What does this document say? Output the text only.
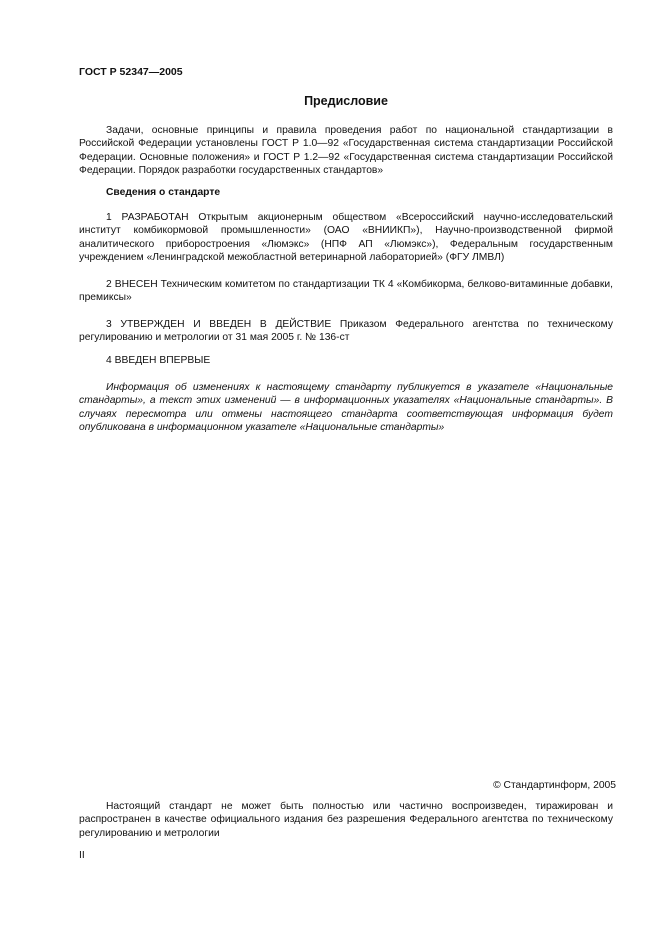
ГОСТ Р 52347—2005
Предисловие
Задачи, основные принципы и правила проведения работ по национальной стандартизации в Российской Федерации установлены ГОСТ Р 1.0—92 «Государственная система стандартизации Российской Федерации. Основные положения» и ГОСТ Р 1.2—92 «Государственная система стандартизации Российской Федерации. Порядок разработки государственных стандартов»
Сведения о стандарте
1 РАЗРАБОТАН Открытым акционерным обществом «Всероссийский научно-исследовательский институт комбикормовой промышленности» (ОАО «ВНИИКП»), Научно-производственной фирмой аналитического приборостроения «Люмэкс» (НПФ АП «Люмэкс»), Федеральным государственным учреждением «Ленинградской межобластной ветеринарной лабораторией» (ФГУ ЛМВЛ)
2 ВНЕСЕН Техническим комитетом по стандартизации ТК 4 «Комбикорма, белково-витаминные добавки, премиксы»
3 УТВЕРЖДЕН И ВВЕДЕН В ДЕЙСТВИЕ Приказом Федерального агентства по техническому регулированию и метрологии от 31 мая 2005 г. № 136-ст
4 ВВЕДЕН ВПЕРВЫЕ
Информация об изменениях к настоящему стандарту публикуется в указателе «Национальные стандарты», а текст этих изменений — в информационных указателях «Национальные стандарты». В случаях пересмотра или отмены настоящего стандарта соответствующая информация будет опубликована в информационном указателе «Национальные стандарты»
© Стандартинформ, 2005
Настоящий стандарт не может быть полностью или частично воспроизведен, тиражирован и распространен в качестве официального издания без разрешения Федерального агентства по техническому регулированию и метрологии
II
